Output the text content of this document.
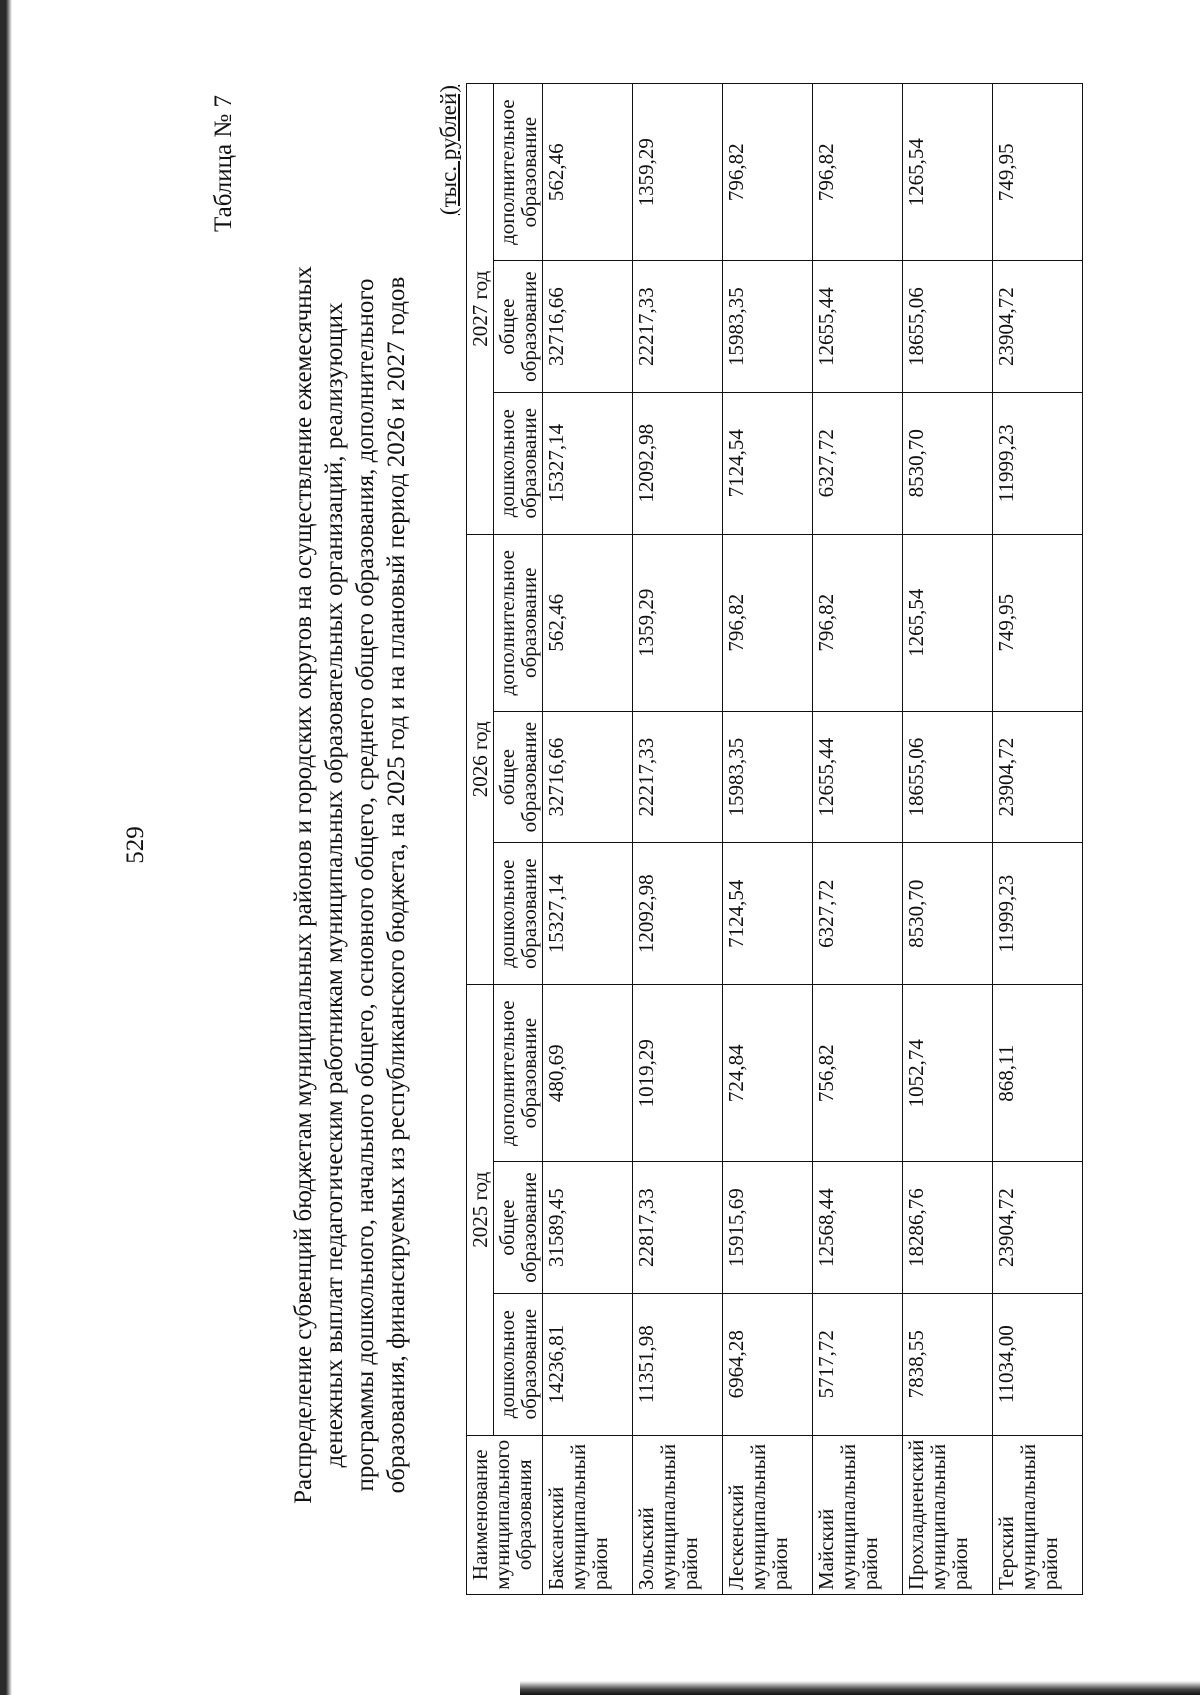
529
Таблица № 7
Распределение субвенций бюджетам муниципальных районов и городских округов на осуществление ежемесячных денежных выплат педагогическим работникам муниципальных образовательных организаций, реализующих программы дошкольного, начального общего, основного общего, среднего общего образования, дополнительного образования, финансируемых из республиканского бюджета, на 2025 год и на плановый период 2026 и 2027 годов
(тыс. рублей)
Наименование муниципального образования	2025 год			2026 год			2027 год		
	дошкольное образование	общее образование	дополнительное образование	дошкольное образование	общее образование	дополнительное образование	дошкольное образование	общее образование	дополнительное образование
Баксанский муниципальный район	14236,81	31589,45	480,69	15327,14	32716,66	562,46	15327,14	32716,66	562,46
Зольский муниципальный район	11351,98	22817,33	1019,29	12092,98	22217,33	1359,29	12092,98	22217,33	1359,29
Лескенский муниципальный район	6964,28	15915,69	724,84	7124,54	15983,35	796,82	7124,54	15983,35	796,82
Майский муниципальный район	5717,72	12568,44	756,82	6327,72	12655,44	796,82	6327,72	12655,44	796,82
Прохладненский муниципальный район	7838,55	18286,76	1052,74	8530,70	18655,06	1265,54	8530,70	18655,06	1265,54
Терский муниципальный район	11034,00	23904,72	868,11	11999,23	23904,72	749,95	11999,23	23904,72	749,95
